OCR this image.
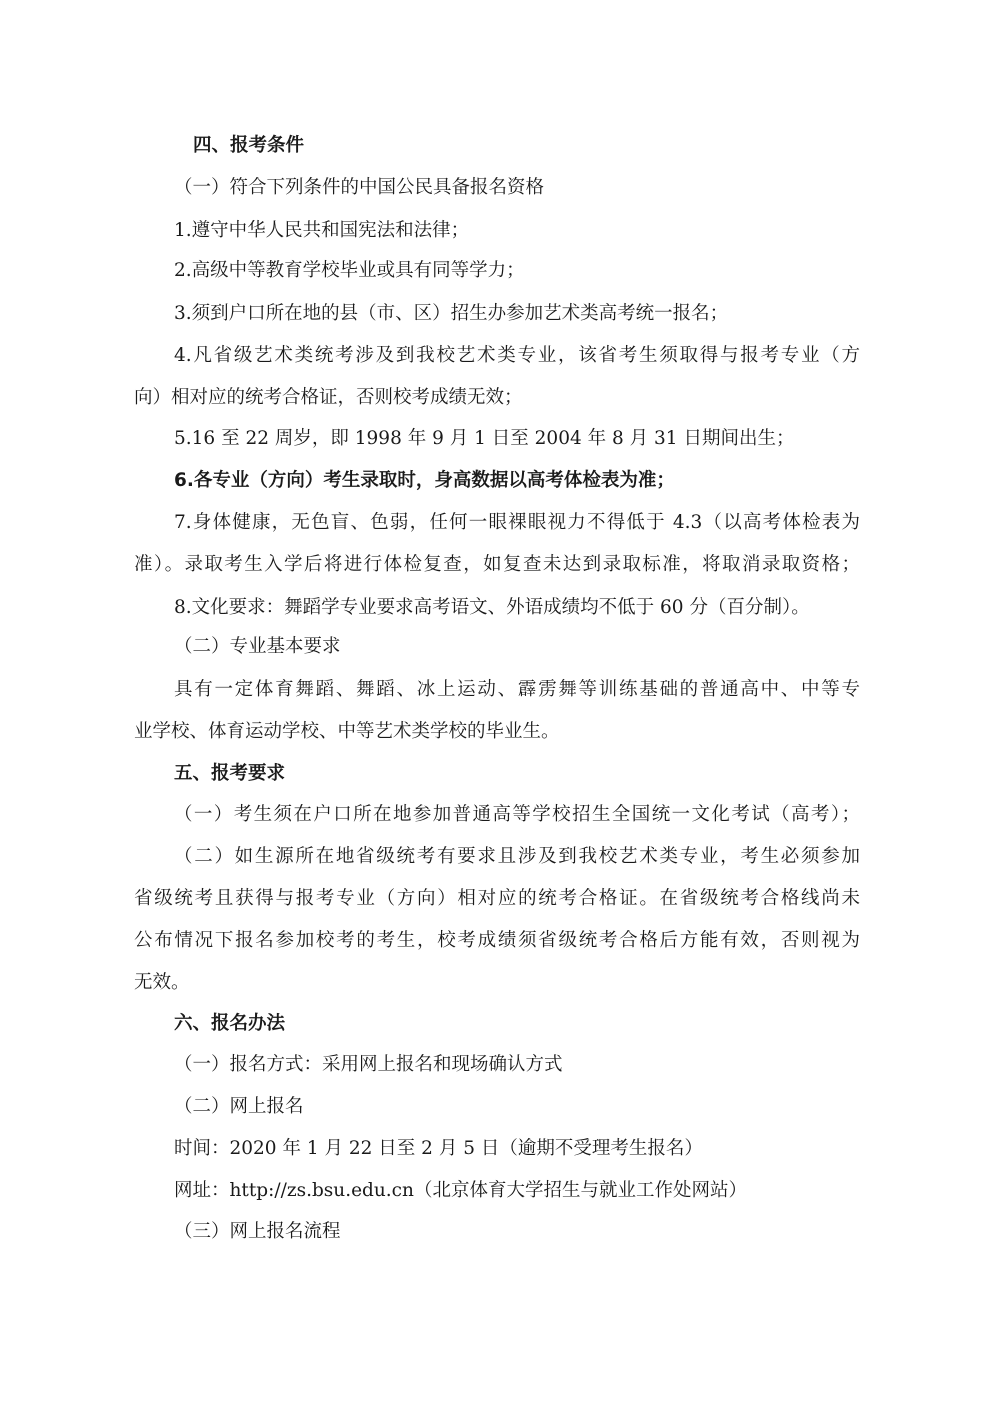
四、报考条件
（一）符合下列条件的中国公民具备报名资格
1.遵守中华人民共和国宪法和法律；
2.高级中等教育学校毕业或具有同等学力；
3.须到户口所在地的县（市、区）招生办参加艺术类高考统一报名；
4.凡省级艺术类统考涉及到我校艺术类专业，该省考生须取得与报考专业（方
向）相对应的统考合格证，否则校考成绩无效；
5.16 至 22 周岁，即 1998 年 9 月 1 日至 2004 年 8 月 31 日期间出生；
6.各专业（方向）考生录取时，身高数据以高考体检表为准；
7.身体健康，无色盲、色弱，任何一眼裸眼视力不得低于 4.3（以高考体检表为
准）。录取考生入学后将进行体检复查，如复查未达到录取标准，将取消录取资格；
8.文化要求：舞蹈学专业要求高考语文、外语成绩均不低于 60 分（百分制）。
（二）专业基本要求
具有一定体育舞蹈、舞蹈、冰上运动、霹雳舞等训练基础的普通高中、中等专
业学校、体育运动学校、中等艺术类学校的毕业生。
五、报考要求
（一）考生须在户口所在地参加普通高等学校招生全国统一文化考试（高考）；
（二）如生源所在地省级统考有要求且涉及到我校艺术类专业，考生必须参加
省级统考且获得与报考专业（方向）相对应的统考合格证。在省级统考合格线尚未
公布情况下报名参加校考的考生，校考成绩须省级统考合格后方能有效，否则视为
无效。
六、报名办法
（一）报名方式：采用网上报名和现场确认方式
（二）网上报名
时间：2020 年 1 月 22 日至 2 月 5 日（逾期不受理考生报名）
网址：http://zs.bsu.edu.cn（北京体育大学招生与就业工作处网站）
（三）网上报名流程
